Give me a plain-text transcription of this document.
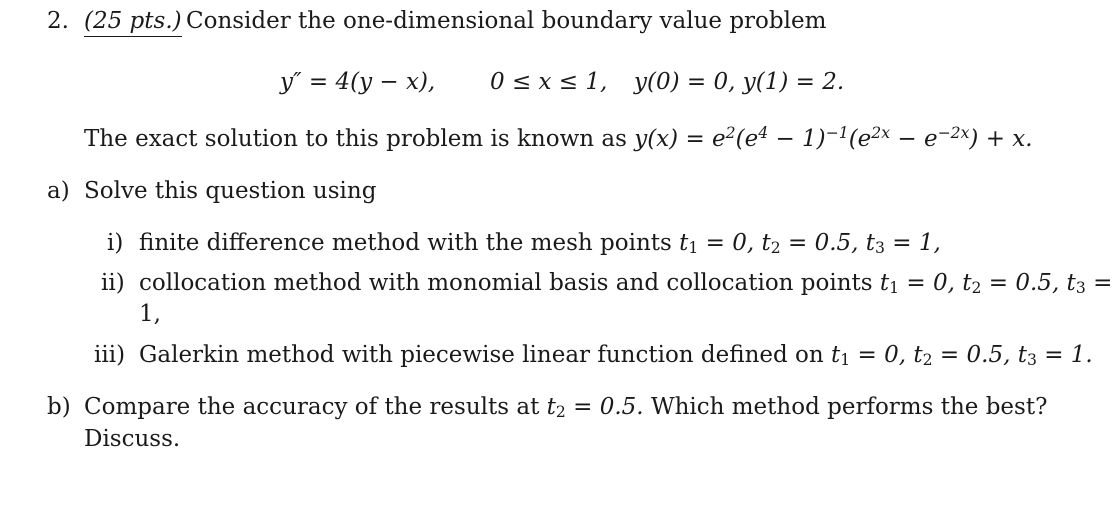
2. (25 pts.) Consider the one-dimensional boundary value problem
y″ = 4(y − x), 0 ≤ x ≤ 1, y(0) = 0, y(1) = 2.
The exact solution to this problem is known as $y(x) = e^2(e^4 - 1)^{-1}(e^{2x} - e^{-2x}) + x$.
a) Solve this question using
i) finite difference method with the mesh points $t_1 = 0$, $t_2 = 0.5$, $t_3 = 1$,
ii) collocation method with monomial basis and collocation points $t_1 = 0$, $t_2 = 0.5$, $t_3$ =
1,
iii) Galerkin method with piecewise linear function defined on $t_1 = 0$, $t_2 = 0.5$, $t_3 = 1$.
b) Compare the accuracy of the results at $t_2 = 0.5$. Which method performs the best?
Discuss.
